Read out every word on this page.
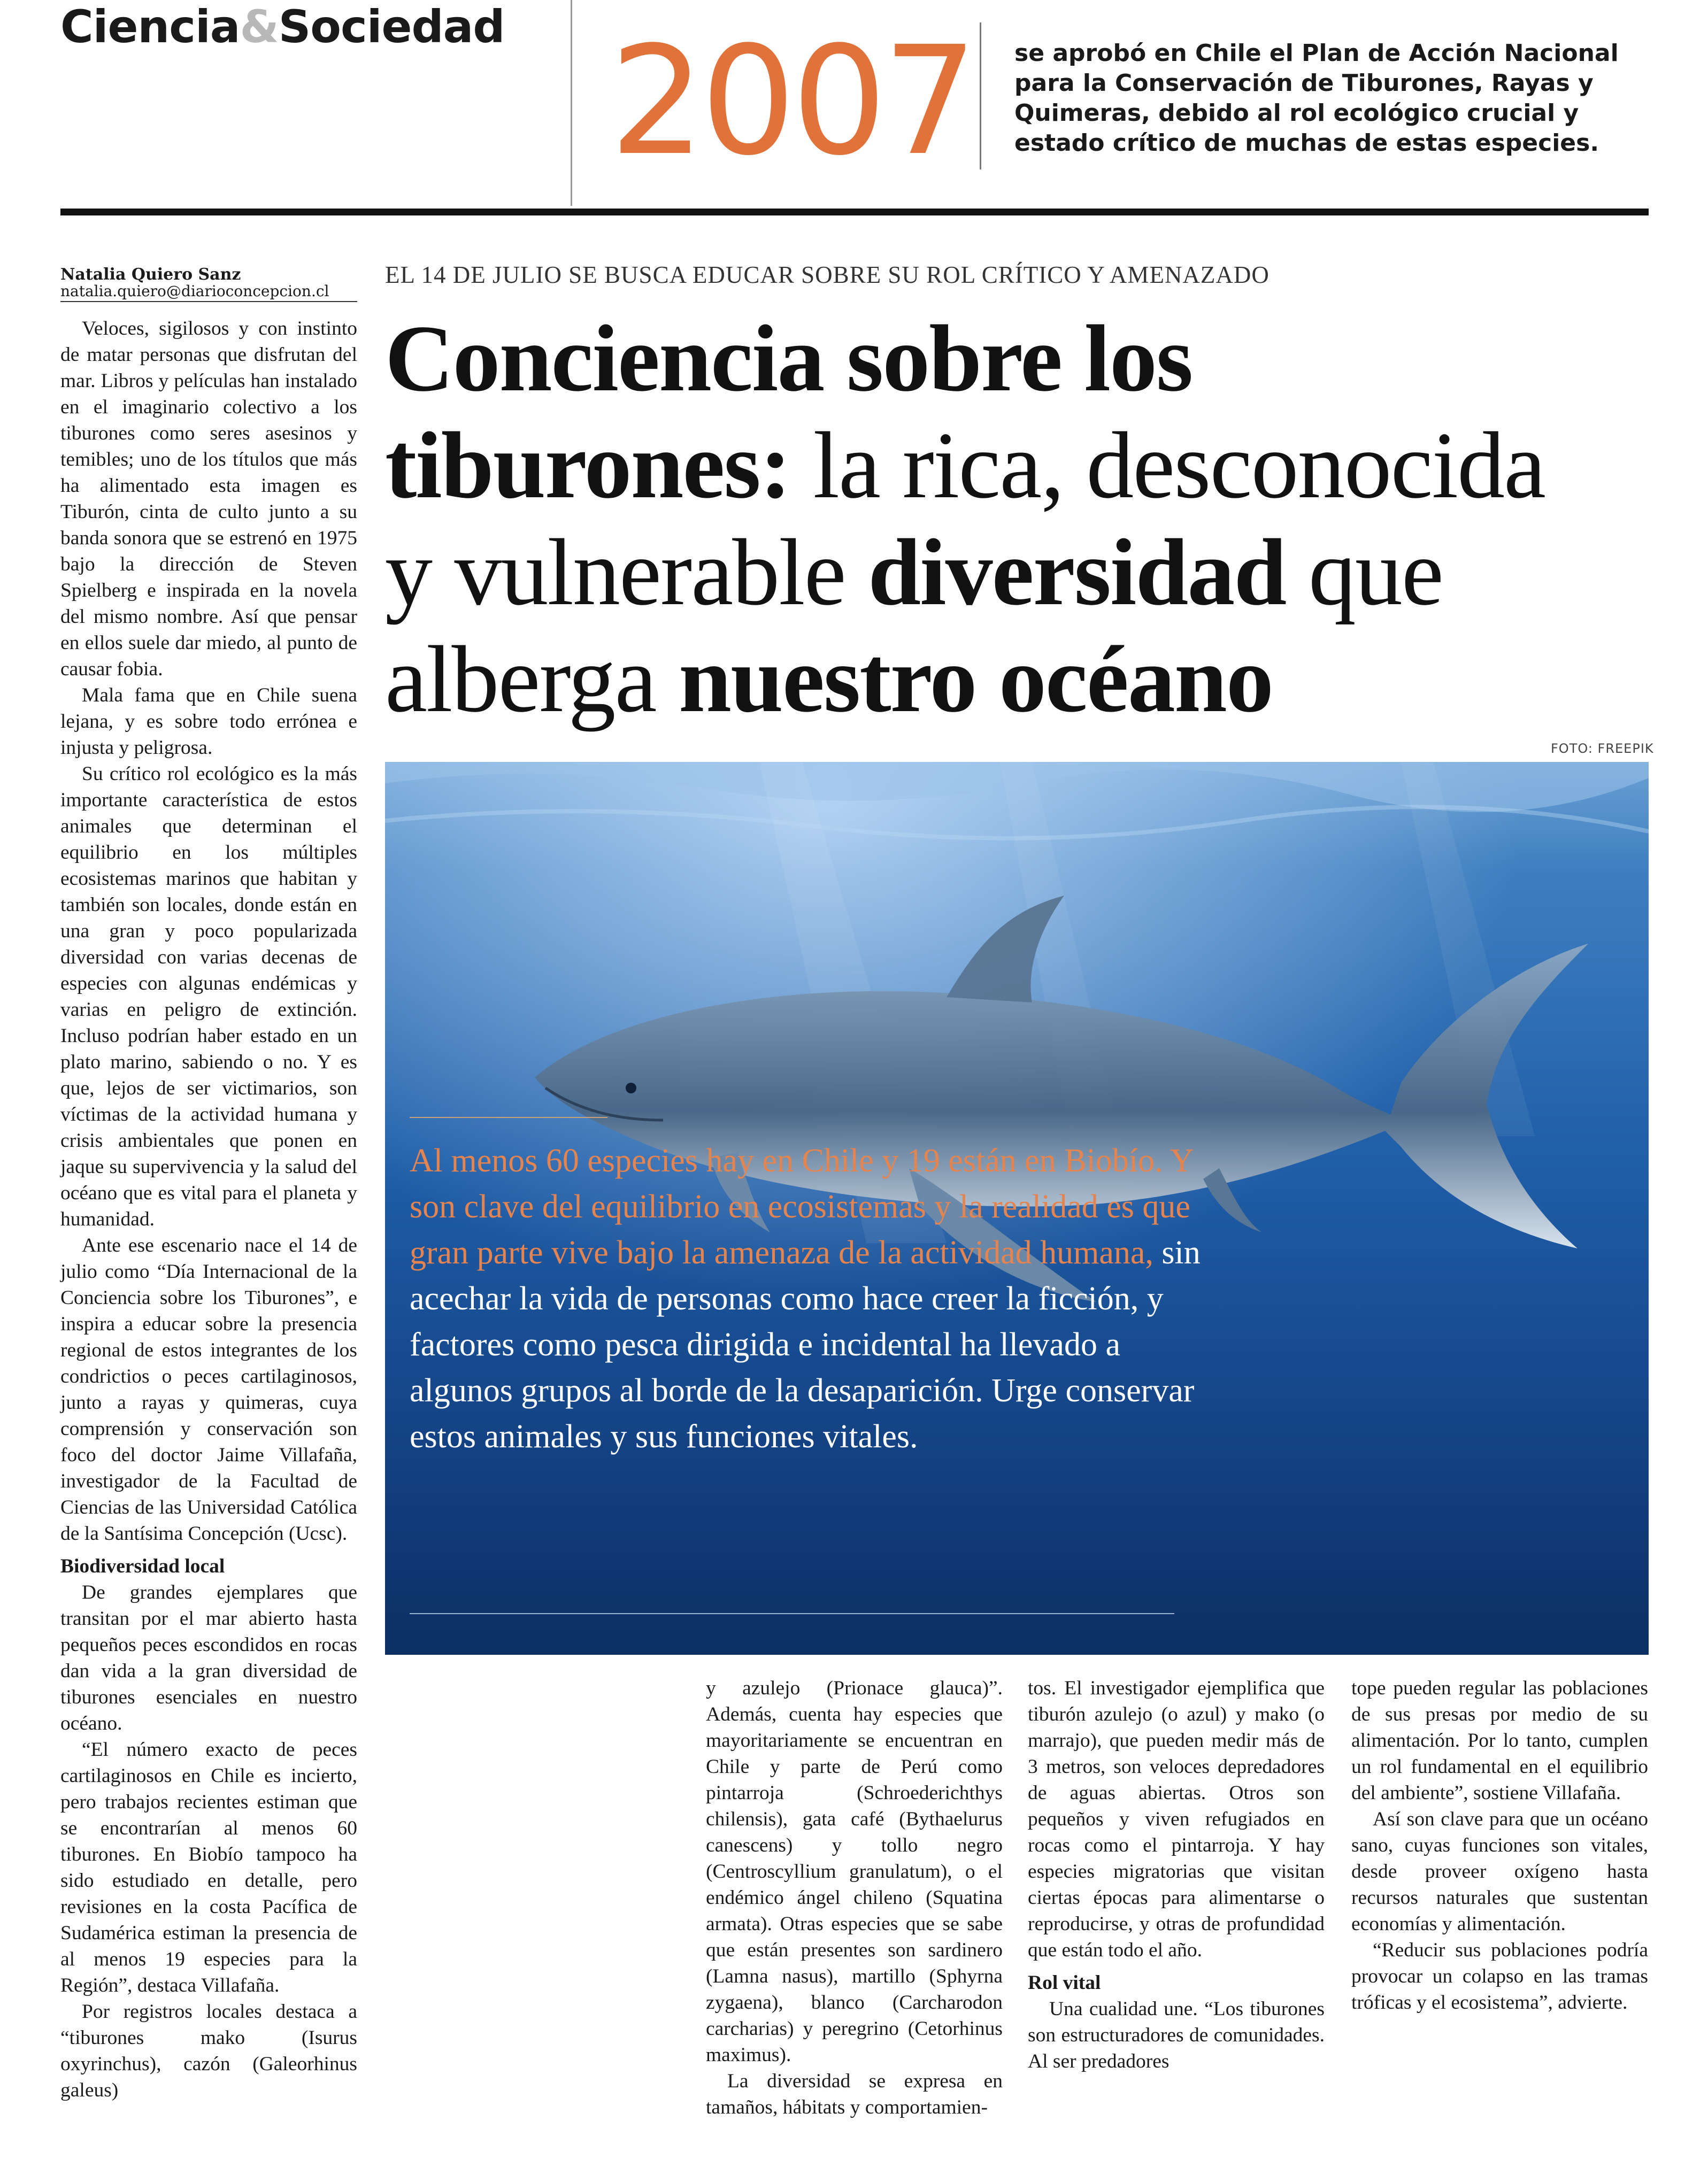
Ciencia&Sociedad 2007 se aprobó en Chile el Plan de Acción Nacional para la Conservación de Tiburones, Rayas y Quimeras, debido al rol ecológico crucial y estado crítico de muchas de estas especies.
Natalia Quiero Sanz
natalia.quiero@diarioconcepcion.cl

Veloces, sigilosos y con instinto de matar personas que disfrutan del mar. Libros y películas han instalado en el imaginario colectivo a los tiburones como seres asesinos y temibles; uno de los títulos que más ha alimentado esta imagen es Tiburón, cinta de culto junto a su banda sonora que se estrenó en 1975 bajo la dirección de Steven Spielberg e inspirada en la novela del mismo nombre. Así que pensar en ellos suele dar miedo, al punto de causar fobia.

Mala fama que en Chile suena lejana, y es sobre todo errónea e injusta y peligrosa.

Su crítico rol ecológico es la más importante característica de estos animales que determinan el equilibrio en los múltiples ecosistemas marinos que habitan y también son locales, donde están en una gran y poco popularizada diversidad con varias decenas de especies con algunas endémicas y varias en peligro de extinción. Incluso podrían haber estado en un plato marino, sabiendo o no. Y es que, lejos de ser victimarios, son víctimas de la actividad humana y crisis ambientales que ponen en jaque su supervivencia y la salud del océano que es vital para el planeta y humanidad.

Ante ese escenario nace el 14 de julio como “Día Internacional de la Conciencia sobre los Tiburones”, e inspira a educar sobre la presencia regional de estos integrantes de los condrictios o peces cartilaginosos, junto a rayas y quimeras, cuya comprensión y conservación son foco del doctor Jaime Villafaña, investigador de la Facultad de Ciencias de las Universidad Católica de la Santísima Concepción (Ucsc).

Biodiversidad local

De grandes ejemplares que transitan por el mar abierto hasta pequeños peces escondidos en rocas dan vida a la gran diversidad de tiburones esenciales en nuestro océano.

“El número exacto de peces cartilaginosos en Chile es incierto, pero trabajos recientes estiman que se encontrarían al menos 60 tiburones. En Biobío tampoco ha sido estudiado en detalle, pero revisiones en la costa Pacífica de Sudamérica estiman la presencia de al menos 19 especies para la Región”, destaca Villafaña.

Por registros locales destaca a “tiburones mako (Isurus oxyrinchus), cazón (Galeorhinus galeus)

EL 14 DE JULIO SE BUSCA EDUCAR SOBRE SU ROL CRÍTICO Y AMENAZADO
Conciencia sobre los
tiburones: la rica, desconocida
y vulnerable diversidad que
alberga nuestro océano
FOTO: FREEPIK
Al menos 60 especies hay en Chile y 19 están en Biobío. Y son clave del equilibrio en ecosistemas y la realidad es que gran parte vive bajo la amenaza de la actividad humana, sin acechar la vida de personas como hace creer la ficción, y factores como pesca dirigida e incidental ha llevado a algunos grupos al borde de la desaparición. Urge conservar estos animales y sus funciones vitales.

y azulejo (Prionace glauca)”. Además, cuenta hay especies que mayoritariamente se encuentran en Chile y parte de Perú como pintarroja (Schroederichthys chilensis), gata café (Bythaelurus canescens) y tollo negro (Centroscyllium granulatum), o el endémico ángel chileno (Squatina armata). Otras especies que se sabe que están presentes son sardinero (Lamna nasus), martillo (Sphyrna zygaena), blanco (Carcharodon carcharias) y peregrino (Cetorhinus maximus).

La diversidad se expresa en tamaños, hábitats y comportamien-

tos. El investigador ejemplifica que tiburón azulejo (o azul) y mako (o marrajo), que pueden medir más de 3 metros, son veloces depredadores de aguas abiertas. Otros son pequeños y viven refugiados en rocas como el pintarroja. Y hay especies migratorias que visitan ciertas épocas para alimentarse o reproducirse, y otras de profundidad que están todo el año.

Rol vital

Una cualidad une. “Los tiburones son estructuradores de comunidades. Al ser predadores

tope pueden regular las poblaciones de sus presas por medio de su alimentación. Por lo tanto, cumplen un rol fundamental en el equilibrio del ambiente”, sostiene Villafaña.

Así son clave para que un océano sano, cuyas funciones son vitales, desde proveer oxígeno hasta recursos naturales que sustentan economías y alimentación.

“Reducir sus poblaciones podría provocar un colapso en las tramas tróficas y el ecosistema”, advierte.
